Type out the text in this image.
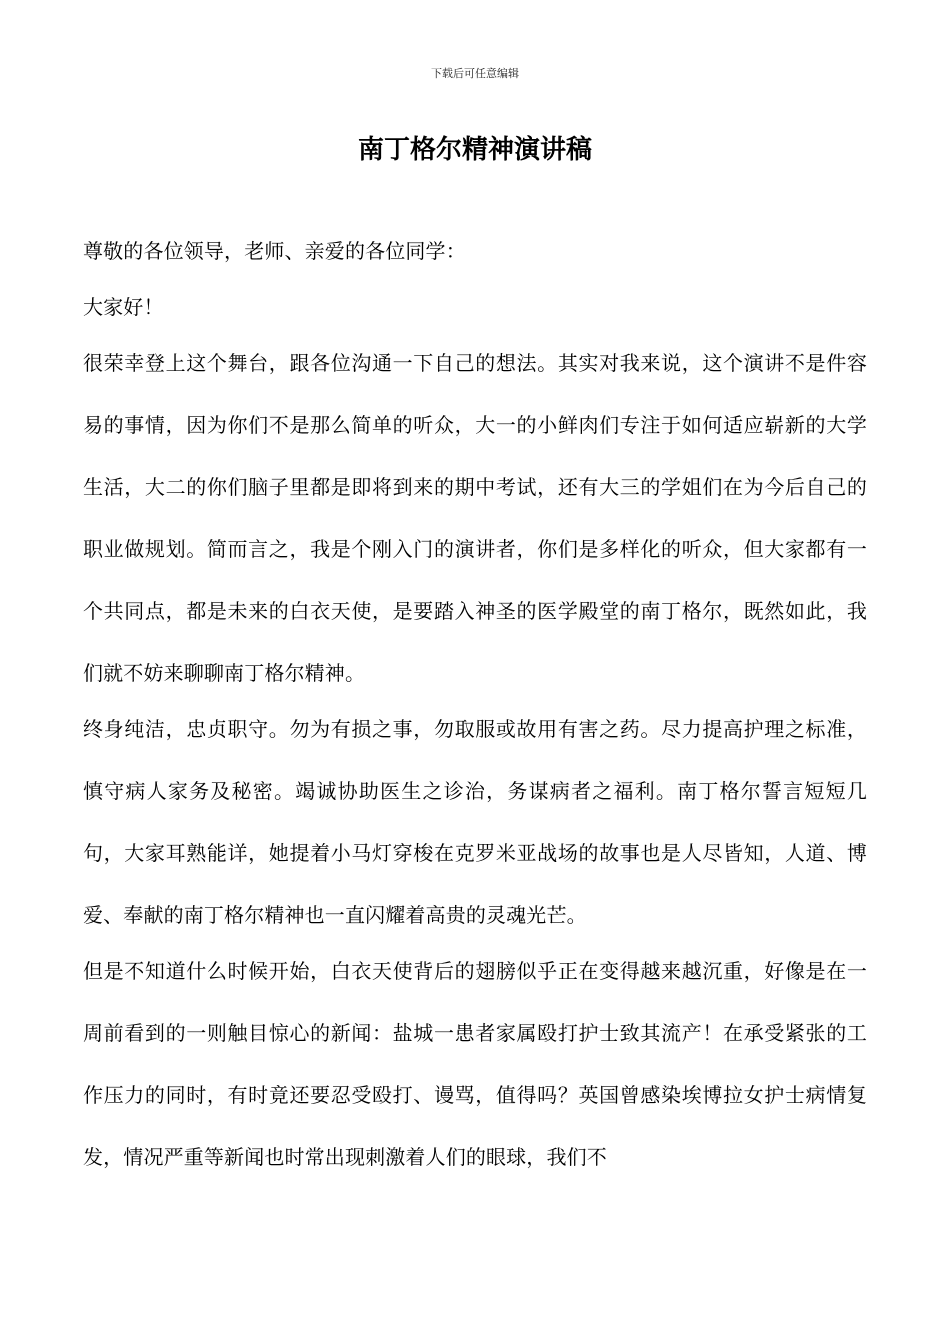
下载后可任意编辑
南丁格尔精神演讲稿

尊敬的各位领导，老师、亲爱的各位同学：

大家好！

很荣幸登上这个舞台，跟各位沟通一下自己的想法。其实对我来说，这个演讲不是件容易的事情，因为你们不是那么简单的听众，大一的小鲜肉们专注于如何适应崭新的大学生活，大二的你们脑子里都是即将到来的期中考试，还有大三的学姐们在为今后自己的职业做规划。简而言之，我是个刚入门的演讲者，你们是多样化的听众，但大家都有一个共同点，都是未来的白衣天使，是要踏入神圣的医学殿堂的南丁格尔，既然如此，我们就不妨来聊聊南丁格尔精神。

终身纯洁，忠贞职守。勿为有损之事，勿取服或故用有害之药。尽力提高护理之标准，慎守病人家务及秘密。竭诚协助医生之诊治，务谋病者之福利。南丁格尔誓言短短几句，大家耳熟能详，她提着小马灯穿梭在克罗米亚战场的故事也是人尽皆知，人道、博爱、奉献的南丁格尔精神也一直闪耀着高贵的灵魂光芒。

但是不知道什么时候开始，白衣天使背后的翅膀似乎正在变得越来越沉重，好像是在一周前看到的一则触目惊心的新闻：盐城一患者家属殴打护士致其流产！在承受紧张的工作压力的同时，有时竟还要忍受殴打、谩骂，值得吗？英国曾感染埃博拉女护士病情复发，情况严重等新闻也时常出现刺激着人们的眼球，我们不
